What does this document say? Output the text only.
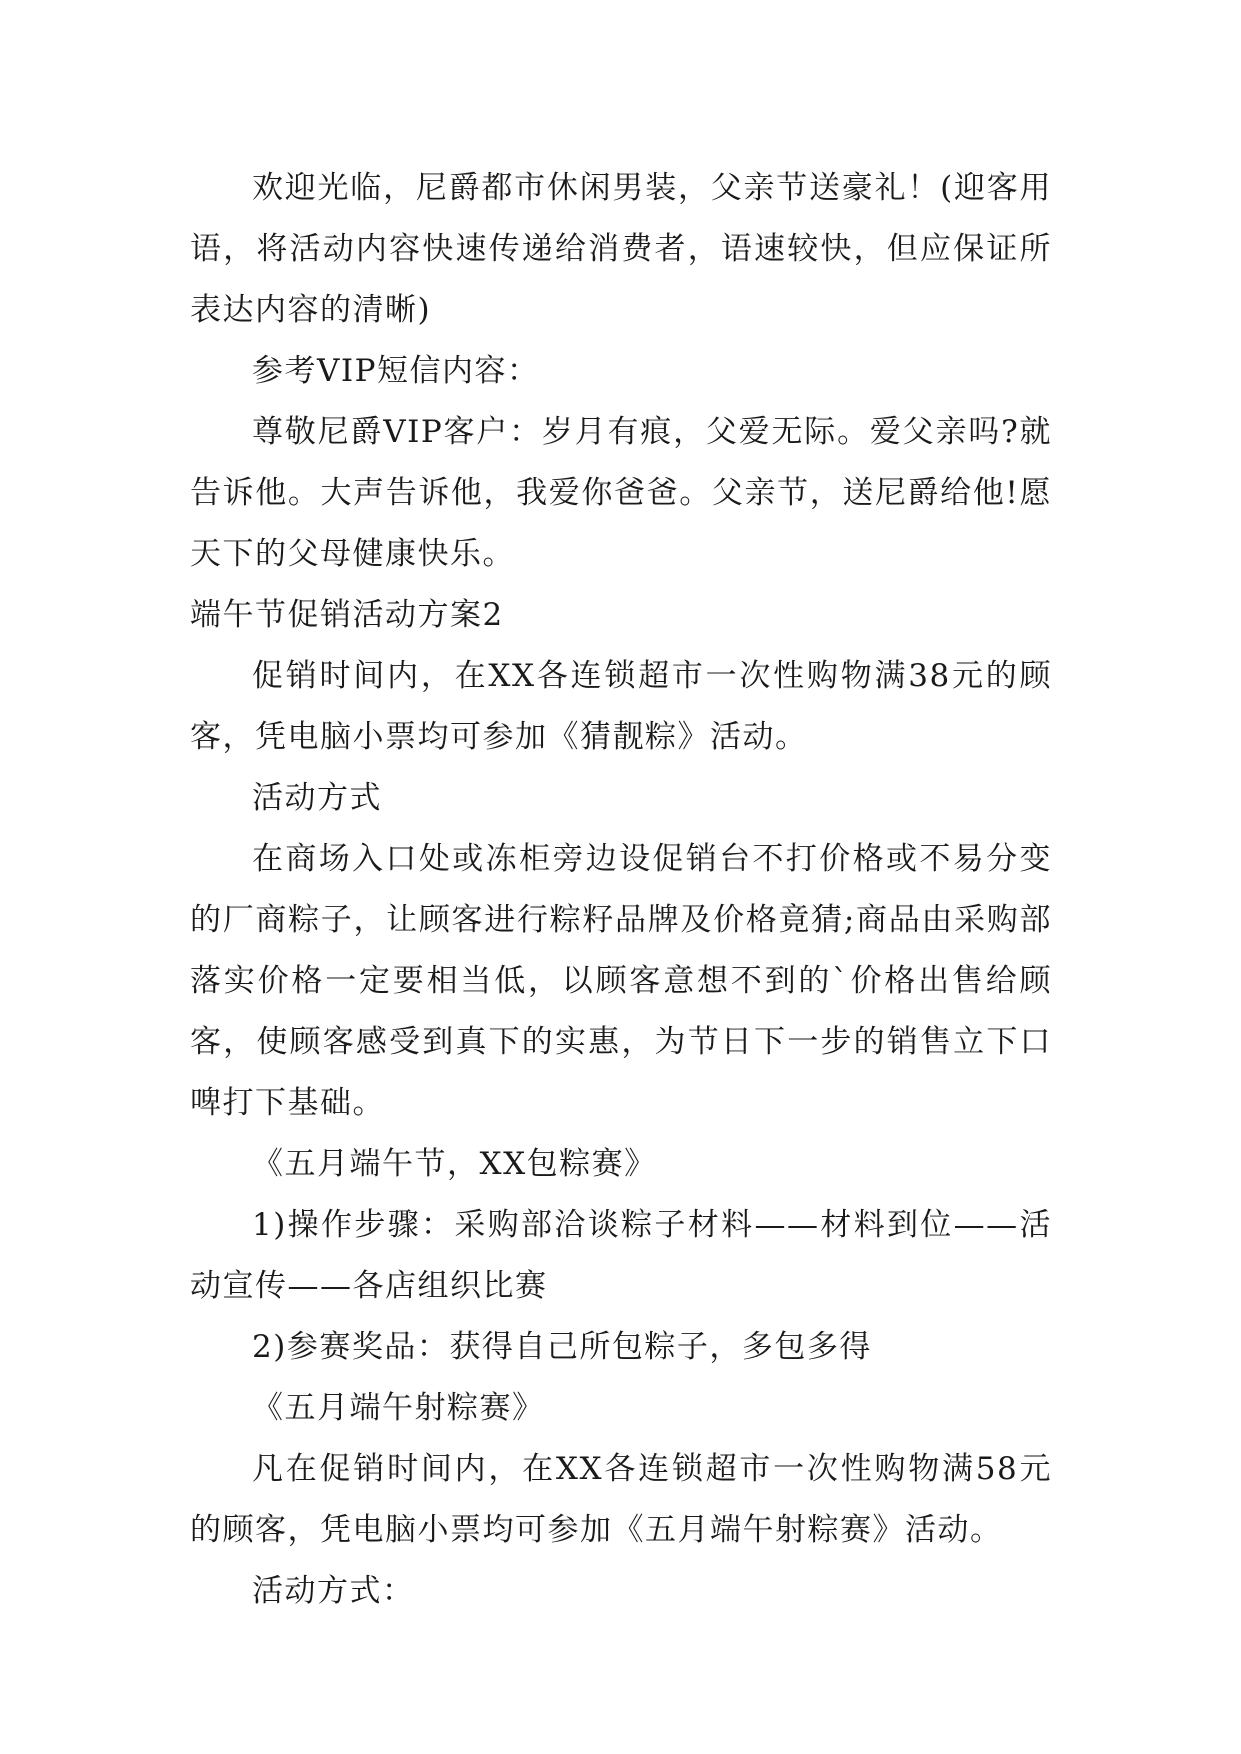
欢迎光临，尼爵都市休闲男装，父亲节送豪礼！(迎客用语，将活动内容快速传递给消费者，语速较快，但应保证所表达内容的清晰)

参考VIP短信内容：

尊敬尼爵VIP客户：岁月有痕，父爱无际。爱父亲吗?就告诉他。大声告诉他，我爱你爸爸。父亲节，送尼爵给他!愿天下的父母健康快乐。

端午节促销活动方案2

促销时间内，在XX各连锁超市一次性购物满38元的顾客，凭电脑小票均可参加《猜靓粽》活动。

活动方式

在商场入口处或冻柜旁边设促销台不打价格或不易分变的厂商粽子，让顾客进行粽籽品牌及价格竟猜;商品由采购部落实价格一定要相当低，以顾客意想不到的`价格出售给顾客，使顾客感受到真下的实惠，为节日下一步的销售立下口啤打下基础。

《五月端午节，XX包粽赛》

1)操作步骤：采购部洽谈粽子材料——材料到位——活动宣传——各店组织比赛

2)参赛奖品：获得自己所包粽子，多包多得

《五月端午射粽赛》

凡在促销时间内，在XX各连锁超市一次性购物满58元的顾客，凭电脑小票均可参加《五月端午射粽赛》活动。

活动方式：
